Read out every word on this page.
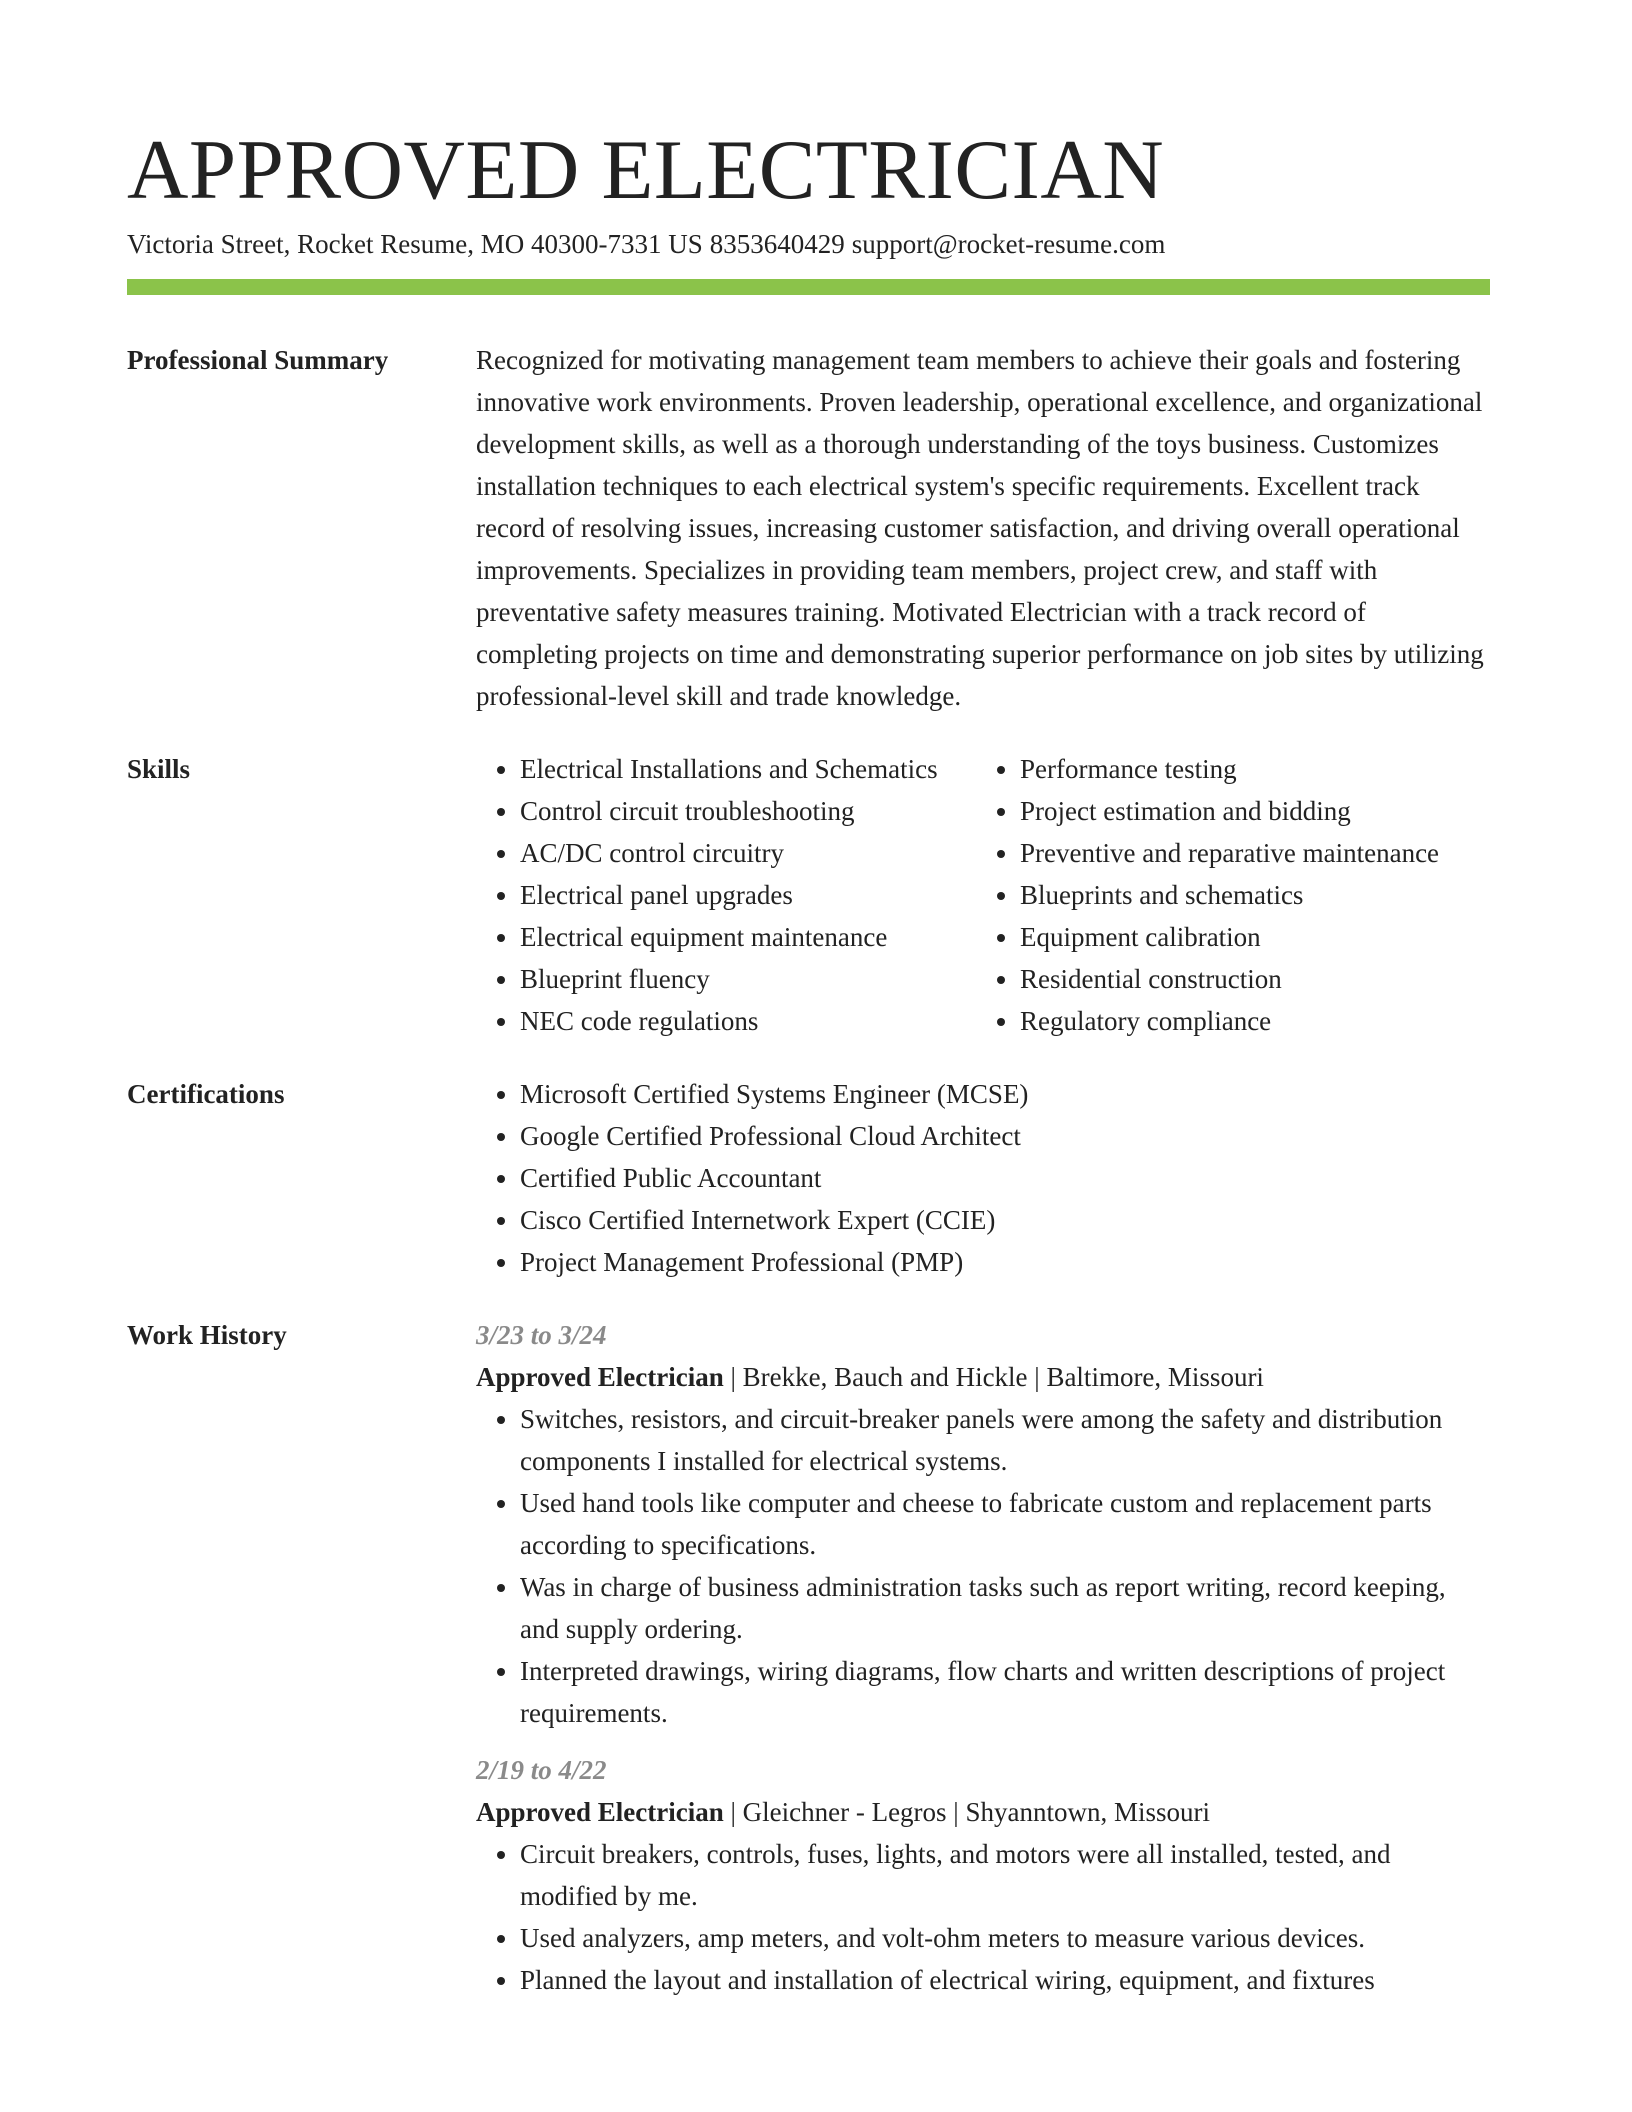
APPROVED ELECTRICIAN
Victoria Street, Rocket Resume, MO 40300-7331 US 8353640429 support@rocket-resume.com
Professional Summary	Recognized for motivating management team members to achieve their goals and fostering innovative work environments. Proven leadership, operational excellence, and organizational development skills, as well as a thorough understanding of the toys business. Customizes installation techniques to each electrical system's specific requirements. Excellent track record of resolving issues, increasing customer satisfaction, and driving overall operational improvements. Specializes in providing team members, project crew, and staff with preventative safety measures training. Motivated Electrician with a track record of completing projects on time and demonstrating superior performance on job sites by utilizing professional-level skill and trade knowledge.
Skills	• Electrical Installations and Schematics
• Control circuit troubleshooting
• AC/DC control circuitry
• Electrical panel upgrades
• Electrical equipment maintenance
• Blueprint fluency
• NEC code regulations
• Performance testing
• Project estimation and bidding
• Preventive and reparative maintenance
• Blueprints and schematics
• Equipment calibration
• Residential construction
• Regulatory compliance
Certifications	• Microsoft Certified Systems Engineer (MCSE)
• Google Certified Professional Cloud Architect
• Certified Public Accountant
• Cisco Certified Internetwork Expert (CCIE)
• Project Management Professional (PMP)
Work History	3/23 to 3/24
Approved Electrician | Brekke, Bauch and Hickle | Baltimore, Missouri
• Switches, resistors, and circuit-breaker panels were among the safety and distribution components I installed for electrical systems.
• Used hand tools like computer and cheese to fabricate custom and replacement parts according to specifications.
• Was in charge of business administration tasks such as report writing, record keeping, and supply ordering.
• Interpreted drawings, wiring diagrams, flow charts and written descriptions of project requirements.
2/19 to 4/22
Approved Electrician | Gleichner - Legros | Shyanntown, Missouri
• Circuit breakers, controls, fuses, lights, and motors were all installed, tested, and modified by me.
• Used analyzers, amp meters, and volt-ohm meters to measure various devices.
• Planned the layout and installation of electrical wiring, equipment, and fixtures
